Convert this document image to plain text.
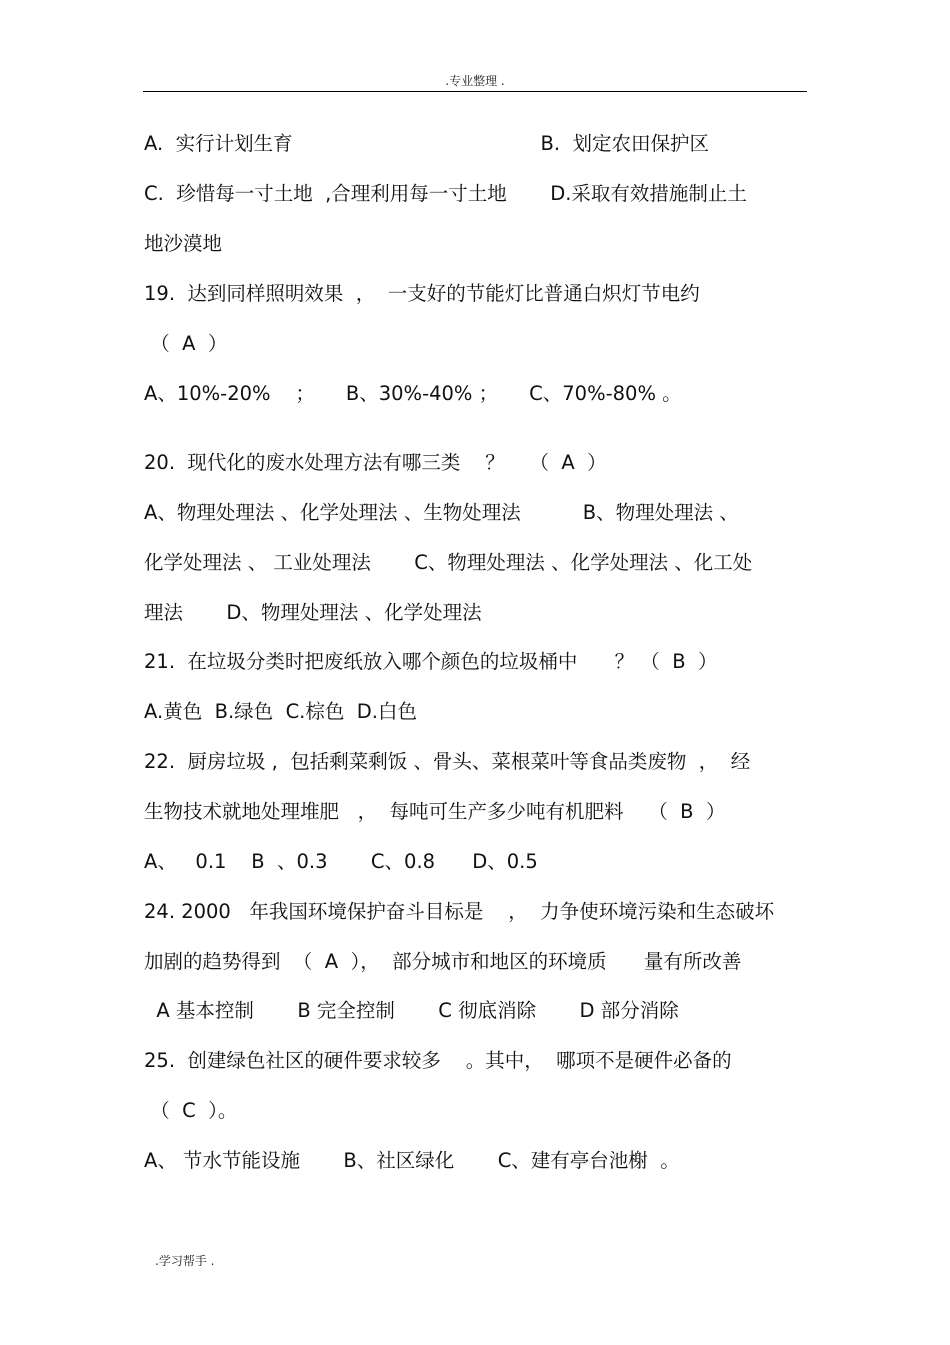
.专业整理 .
A.  实行计划生育                                        B.  划定农田保护区
C.  珍惜每一寸土地  ,合理利用每一寸土地       D.采取有效措施制止土
地沙漠地
19.  达到同样照明效果  ，  一支好的节能灯比普通白炽灯节电约
（  A  ）
A、10%-20%    ；     B、30%-40% ；     C、70%-80% 。
20.  现代化的废水处理方法有哪三类    ？    （  A  ）
A、物理处理法 、化学处理法 、生物处理法          B、物理处理法 、
化学处理法 、 工业处理法       C、物理处理法 、化学处理法 、化工处
理法       D、物理处理法 、化学处理法
21.  在垃圾分类时把废纸放入哪个颜色的垃圾桶中      ？ （  B  ）
A.黄色  B.绿色  C.棕色  D.白色
22.  厨房垃圾 ,  包括剩菜剩饭 、骨头、菜根菜叶等食品类废物  ，  经
生物技术就地处理堆肥   ，  每吨可生产多少吨有机肥料    （  B  ）
A、   0.1    B  、0.3       C、0.8      D、0.5
24. 2000   年我国环境保护奋斗目标是    ，  力争使环境污染和生态破坏
加剧的趋势得到  （  A  ），  部分城市和地区的环境质      量有所改善
A 基本控制       B 完全控制       C 彻底消除       D 部分消除
25.  创建绿色社区的硬件要求较多    。其中，  哪项不是硬件必备的
（  C  ）。
A、 节水节能设施       B、社区绿化       C、建有亭台池榭  。
.学习帮手 .
